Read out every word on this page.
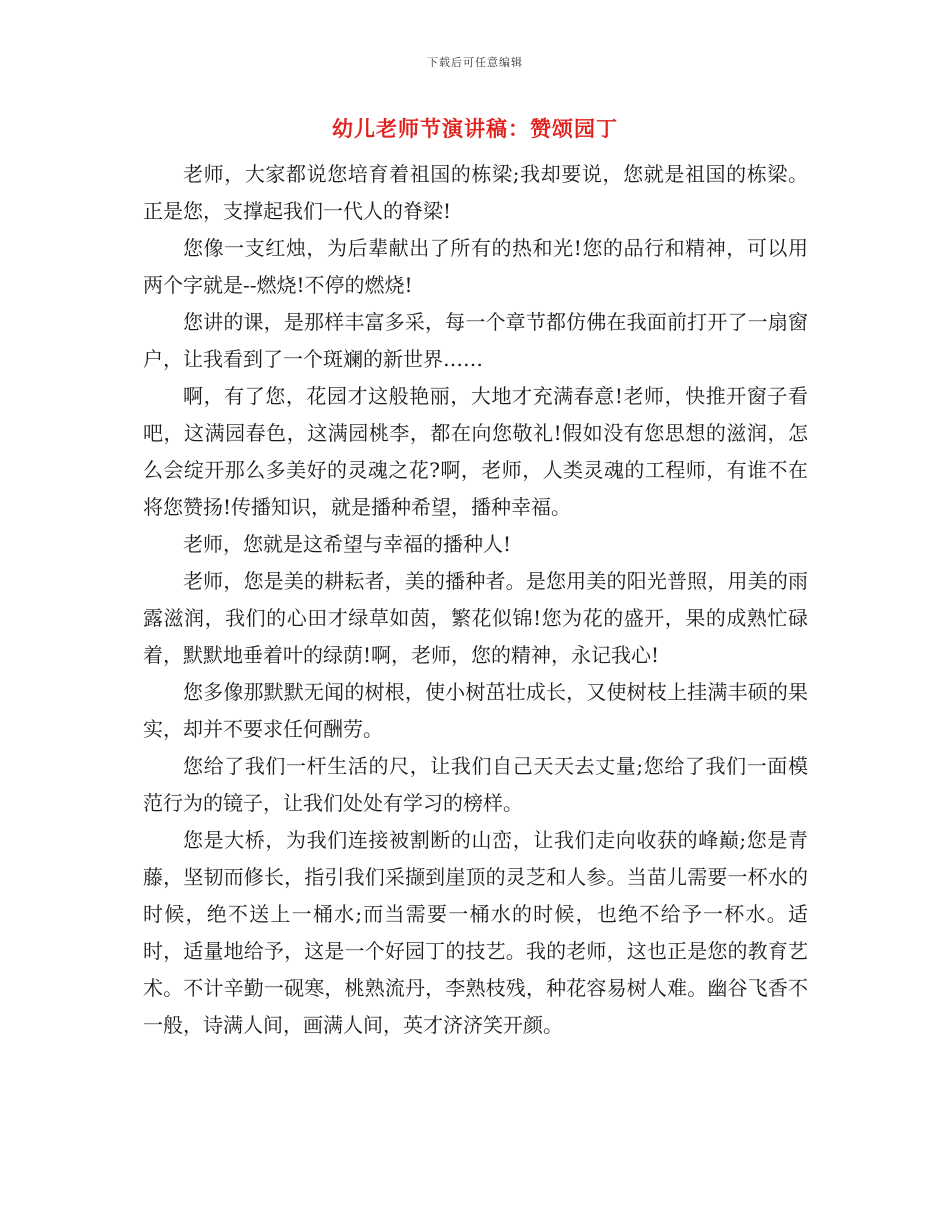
下载后可任意编辑
幼儿老师节演讲稿：赞颂园丁

老师，大家都说您培育着祖国的栋梁;我却要说，您就是祖国的栋梁。正是您，支撑起我们一代人的脊梁!

您像一支红烛，为后辈献出了所有的热和光!您的品行和精神，可以用两个字就是--燃烧!不停的燃烧!

您讲的课，是那样丰富多采，每一个章节都仿佛在我面前打开了一扇窗户，让我看到了一个斑斓的新世界……

啊，有了您，花园才这般艳丽，大地才充满春意!老师，快推开窗子看吧，这满园春色，这满园桃李，都在向您敬礼!假如没有您思想的滋润，怎么会绽开那么多美好的灵魂之花?啊，老师，人类灵魂的工程师，有谁不在将您赞扬!传播知识，就是播种希望，播种幸福。

老师，您就是这希望与幸福的播种人!

老师，您是美的耕耘者，美的播种者。是您用美的阳光普照，用美的雨露滋润，我们的心田才绿草如茵，繁花似锦!您为花的盛开，果的成熟忙碌着，默默地垂着叶的绿荫!啊，老师，您的精神，永记我心!

您多像那默默无闻的树根，使小树茁壮成长，又使树枝上挂满丰硕的果实，却并不要求任何酬劳。

您给了我们一杆生活的尺，让我们自己天天去丈量;您给了我们一面模范行为的镜子，让我们处处有学习的榜样。

您是大桥，为我们连接被割断的山峦，让我们走向收获的峰巅;您是青藤，坚韧而修长，指引我们采撷到崖顶的灵芝和人参。当苗儿需要一杯水的时候，绝不送上一桶水;而当需要一桶水的时候，也绝不给予一杯水。适时，适量地给予，这是一个好园丁的技艺。我的老师，这也正是您的教育艺术。不计辛勤一砚寒，桃熟流丹，李熟枝残，种花容易树人难。幽谷飞香不一般，诗满人间，画满人间，英才济济笑开颜。
